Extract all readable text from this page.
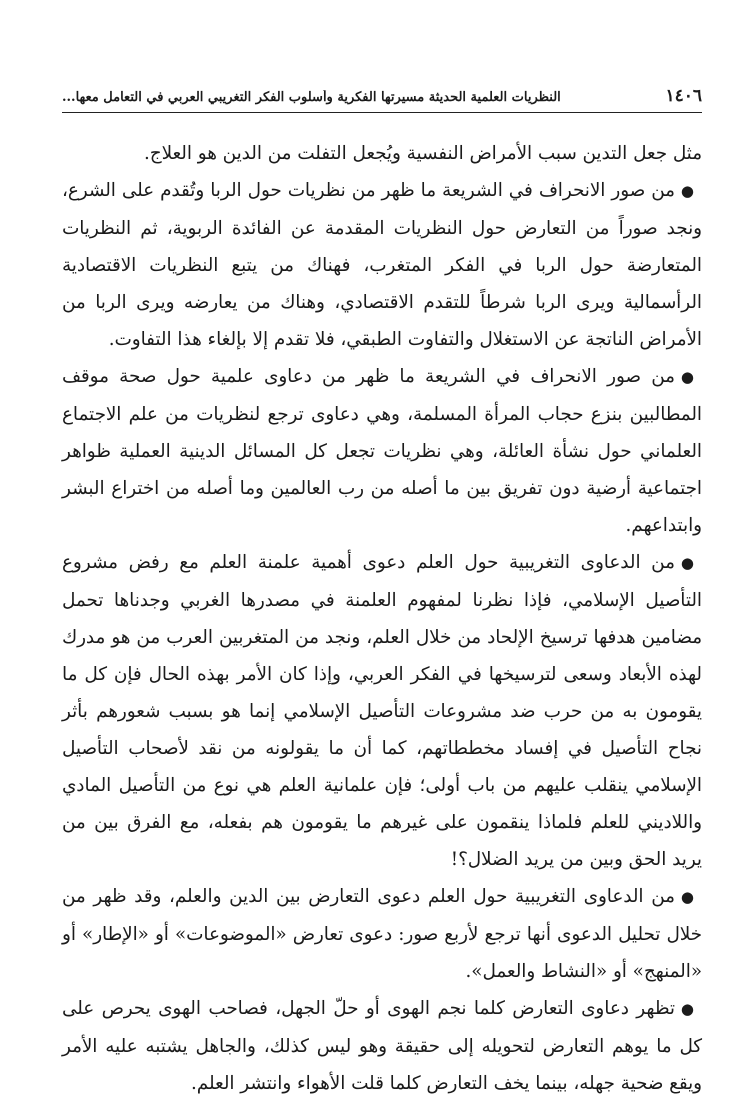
١٤٠٦
النظريات العلمية الحديثة مسيرتها الفكرية وأسلوب الفكر التغريبي العربي في التعامل معها...

مثل جعل التدين سبب الأمراض النفسية ويُجعل التفلت من الدين هو العلاج.

●من صور الانحراف في الشريعة ما ظهر من نظريات حول الربا وتُقدم على الشرع، ونجد صوراً من التعارض حول النظريات المقدمة عن الفائدة الربوية، ثم النظريات المتعارضة حول الربا في الفكر المتغرب، فهناك من يتبع النظريات الاقتصادية الرأسمالية ويرى الربا شرطاً للتقدم الاقتصادي، وهناك من يعارضه ويرى الربا من الأمراض الناتجة عن الاستغلال والتفاوت الطبقي، فلا تقدم إلا بإلغاء هذا التفاوت.

●من صور الانحراف في الشريعة ما ظهر من دعاوى علمية حول صحة موقف المطالبين بنزع حجاب المرأة المسلمة، وهي دعاوى ترجع لنظريات من علم الاجتماع العلماني حول نشأة العائلة، وهي نظريات تجعل كل المسائل الدينية العملية ظواهر اجتماعية أرضية دون تفريق بين ما أصله من رب العالمين وما أصله من اختراع البشر وابتداعهم.

●من الدعاوى التغريبية حول العلم دعوى أهمية علمنة العلم مع رفض مشروع التأصيل الإسلامي، فإذا نظرنا لمفهوم العلمنة في مصدرها الغربي وجدناها تحمل مضامين هدفها ترسيخ الإلحاد من خلال العلم، ونجد من المتغربين العرب من هو مدرك لهذه الأبعاد وسعى لترسيخها في الفكر العربي، وإذا كان الأمر بهذه الحال فإن كل ما يقومون به من حرب ضد مشروعات التأصيل الإسلامي إنما هو بسبب شعورهم بأثر نجاح التأصيل في إفساد مخططاتهم، كما أن ما يقولونه من نقد لأصحاب التأصيل الإسلامي ينقلب عليهم من باب أولى؛ فإن علمانية العلم هي نوع من التأصيل المادي واللاديني للعلم فلماذا ينقمون على غيرهم ما يقومون هم بفعله، مع الفرق بين من يريد الحق وبين من يريد الضلال؟!

●من الدعاوى التغريبية حول العلم دعوى التعارض بين الدين والعلم، وقد ظهر من خلال تحليل الدعوى أنها ترجع لأربع صور: دعوى تعارض «الموضوعات» أو «الإطار» أو «المنهج» أو «النشاط والعمل».

●تظهر دعاوى التعارض كلما نجم الهوى أو حلّ الجهل، فصاحب الهوى يحرص على كل ما يوهم التعارض لتحويله إلى حقيقة وهو ليس كذلك، والجاهل يشتبه عليه الأمر ويقع ضحية جهله، بينما يخف التعارض كلما قلت الأهواء وانتشر العلم.
